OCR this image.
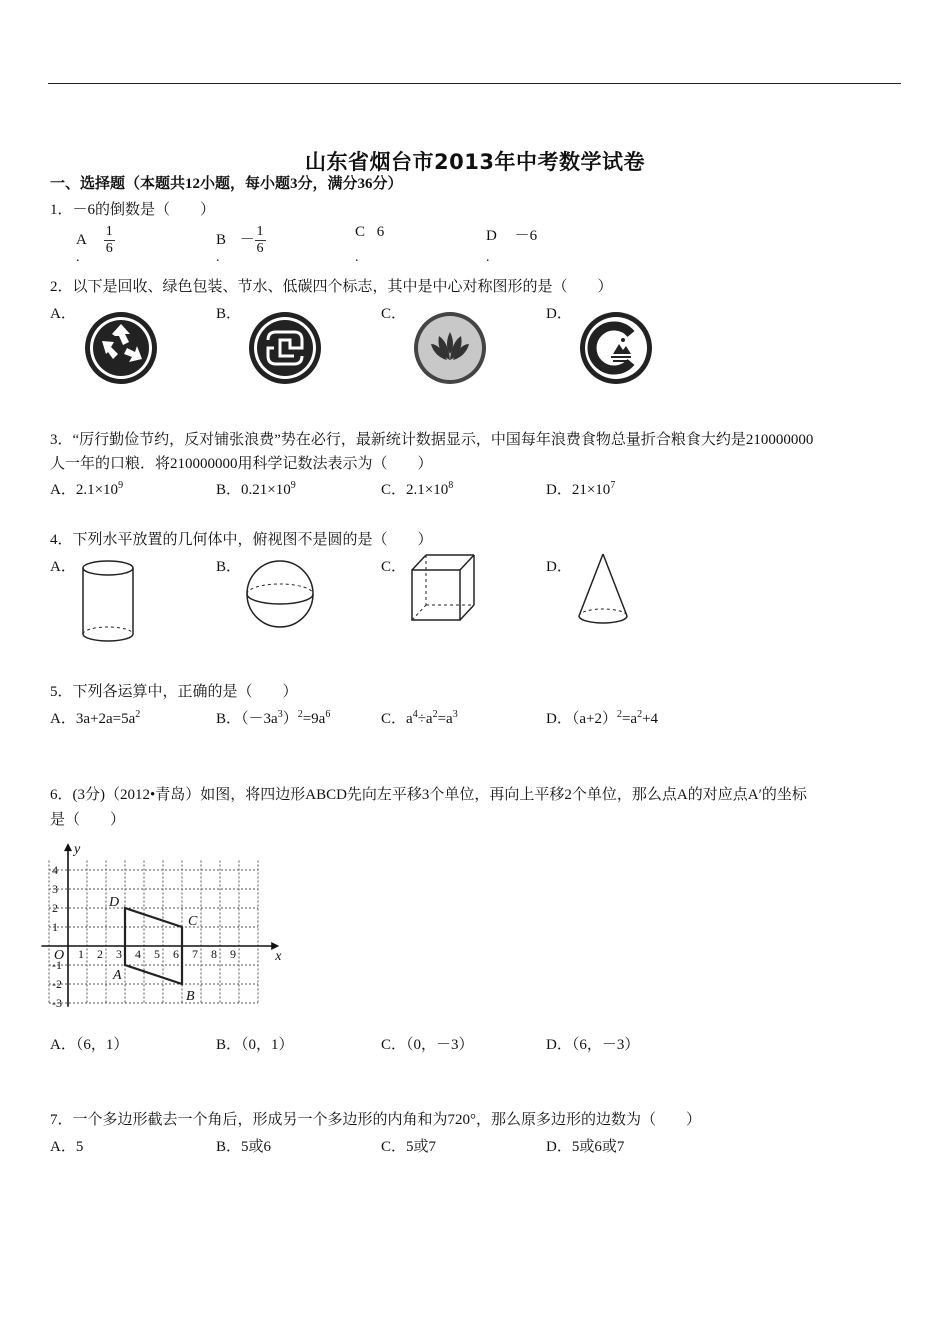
山东省烟台市2013年中考数学试卷
一、选择题（本题共12小题，每小题3分，满分36分）
1．－6的倒数是（　　）
A $\frac{1}{6}$
.
$B - \frac{1}{6}$
.
C 6
.
D －6
.
2．以下是回收、绿色包装、节水、低碳四个标志，其中是中心对称图形的是（　　）
A．	B．	C．	D．
3．“厉行勤俭节约，反对铺张浪费”势在必行，最新统计数据显示，中国每年浪费食物总量折合粮食大约是210000000
人一年的口粮．将210000000用科学记数法表示为（　　）
A．$2.1\times 10^9$	B．$0.21\times 10^9$	C．$2.1\times 10^8$	D．$21\times 10^7$
4．下列水平放置的几何体中，俯视图不是圆的是（　　）
A．	B．	C．	D．
5．下列各运算中，正确的是（　　）
A．$3a+2a=5a^2$	B．$(-3a^3)^2=9a^6$	C．$a^4\div a^2=a^3$	D．$(a+2)^2=a^2+4$
6．(3分)（2012•青岛）如图，将四边形ABCD先向左平移3个单位，再向上平移2个单位，那么点A的对应点A′的坐标
是（　　）
1 2 3 4 5 6 7 8 9
4
3
2
1
-1
-2
-3
O	x
y
A
B
C
D
A．（6，1）	B．（0，1）	C．（0，－3）	D．（6，－3）
7．一个多边形截去一个角后，形成另一个多边形的内角和为720°，那么原多边形的边数为（　　）
A．5	B．5或6	C．5或7	D．5或6或7
